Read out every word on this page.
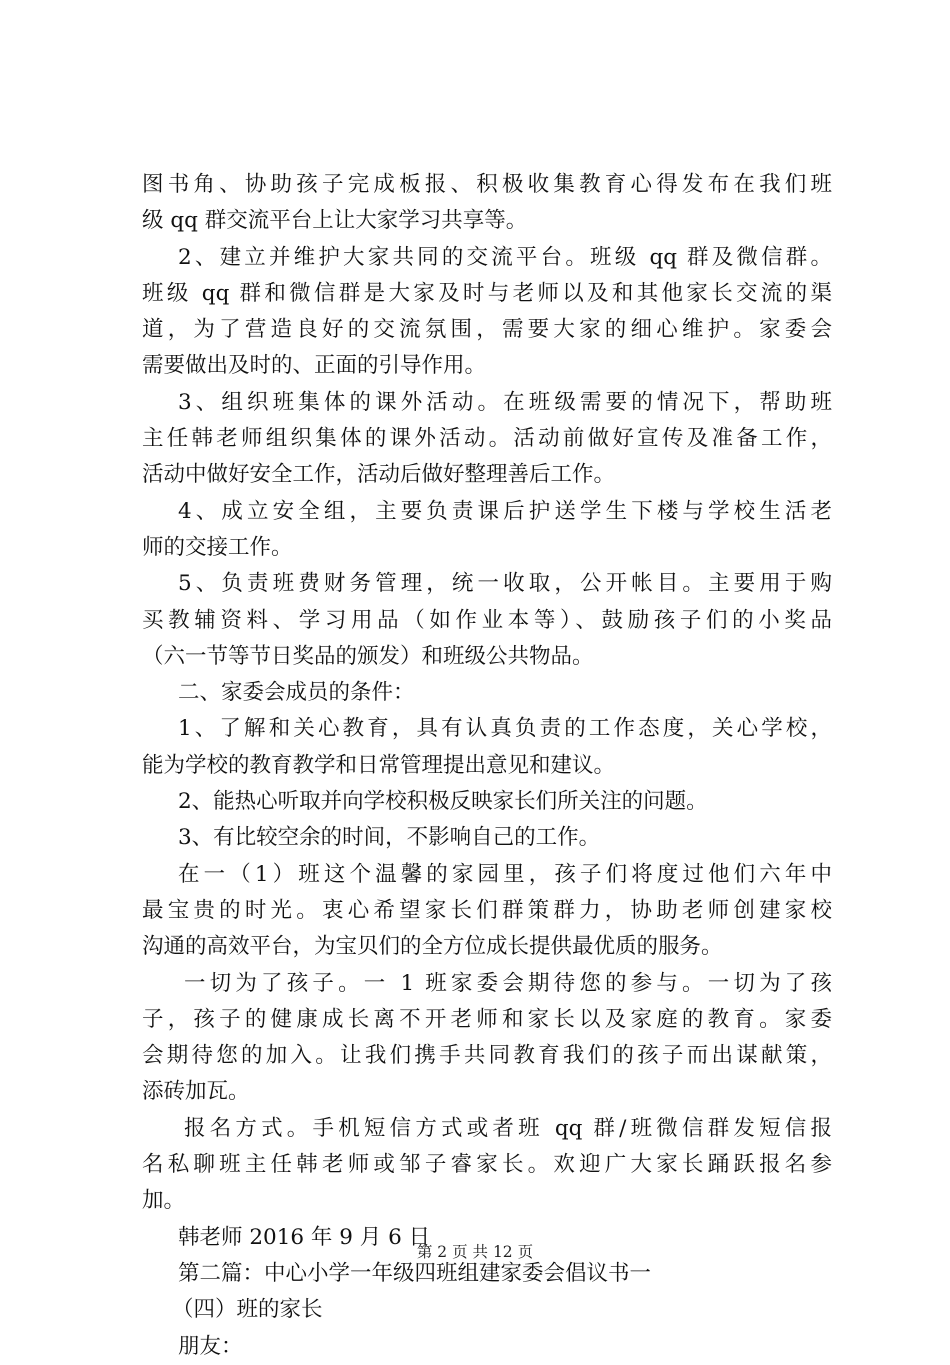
图书角、协助孩子完成板报、积极收集教育心得发布在我们班
级 qq 群交流平台上让大家学习共享等。
2、建立并维护大家共同的交流平台。班级 qq 群及微信群。
班级 qq 群和微信群是大家及时与老师以及和其他家长交流的渠
道，为了营造良好的交流氛围，需要大家的细心维护。家委会
需要做出及时的、正面的引导作用。
3、组织班集体的课外活动。在班级需要的情况下，帮助班
主任韩老师组织集体的课外活动。活动前做好宣传及准备工作，
活动中做好安全工作，活动后做好整理善后工作。
4、成立安全组，主要负责课后护送学生下楼与学校生活老
师的交接工作。
5、负责班费财务管理，统一收取，公开帐目。主要用于购
买教辅资料、学习用品（如作业本等）、鼓励孩子们的小奖品
（六一节等节日奖品的颁发）和班级公共物品。
二、家委会成员的条件：
1、了解和关心教育，具有认真负责的工作态度，关心学校，
能为学校的教育教学和日常管理提出意见和建议。
2、能热心听取并向学校积极反映家长们所关注的问题。
3、有比较空余的时间，不影响自己的工作。
在一（1）班这个温馨的家园里，孩子们将度过他们六年中
最宝贵的时光。衷心希望家长们群策群力，协助老师创建家校
沟通的高效平台，为宝贝们的全方位成长提供最优质的服务。
一切为了孩子。一 1 班家委会期待您的参与。一切为了孩
子，孩子的健康成长离不开老师和家长以及家庭的教育。家委
会期待您的加入。让我们携手共同教育我们的孩子而出谋献策，
添砖加瓦。
报名方式。手机短信方式或者班 qq 群/班微信群发短信报
名私聊班主任韩老师或邹子睿家长。欢迎广大家长踊跃报名参
加。
韩老师 2016 年 9 月 6 日
第二篇：中心小学一年级四班组建家委会倡议书一
（四）班的家长
朋友：
第 2 页 共 12 页
